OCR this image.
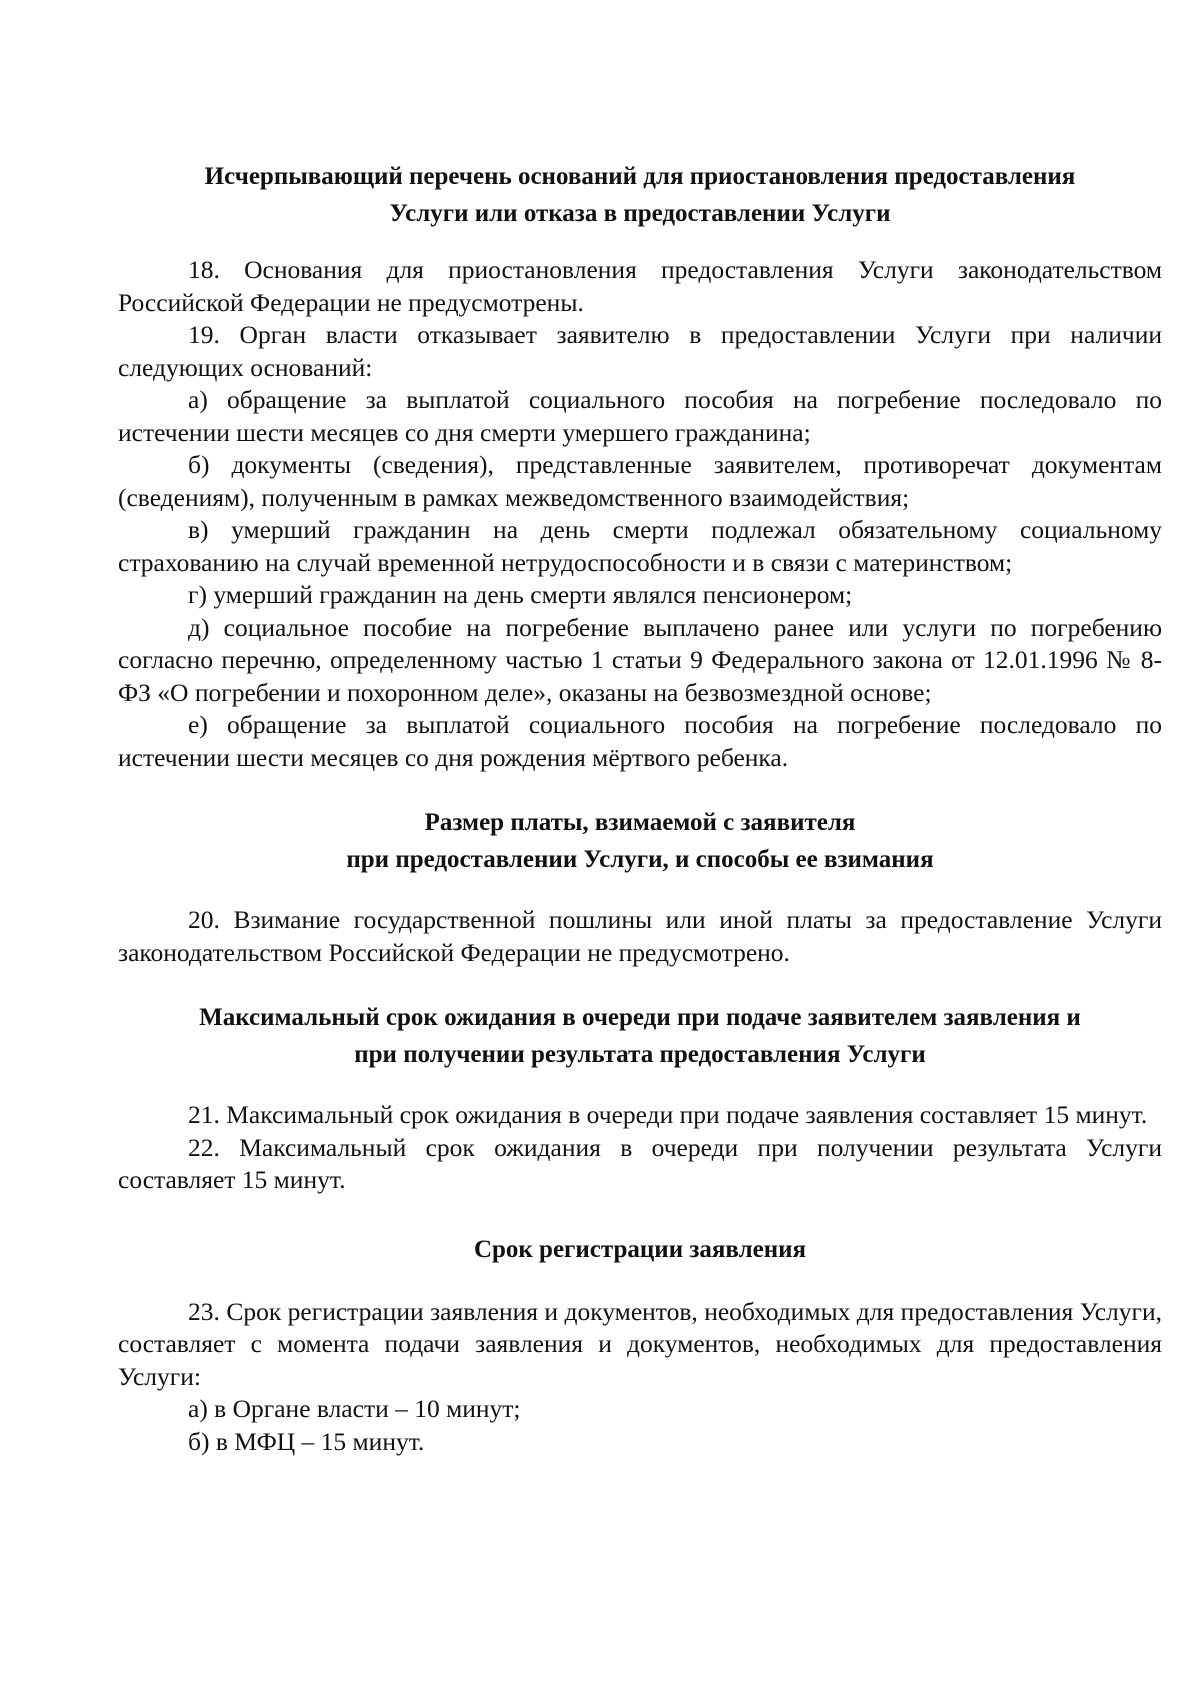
Исчерпывающий перечень оснований для приостановления предоставления
Услуги или отказа в предоставлении Услуги

18. Основания для приостановления предоставления Услуги законодательством Российской Федерации не предусмотрены.

19. Орган власти отказывает заявителю в предоставлении Услуги при наличии следующих оснований:

а) обращение за выплатой социального пособия на погребение последовало по истечении шести месяцев со дня смерти умершего гражданина;

б) документы (сведения), представленные заявителем, противоречат документам (сведениям), полученным в рамках межведомственного взаимодействия;

в) умерший гражданин на день смерти подлежал обязательному социальному страхованию на случай временной нетрудоспособности и в связи с материнством;

г) умерший гражданин на день смерти являлся пенсионером;

д) социальное пособие на погребение выплачено ранее или услуги по погребению согласно перечню, определенному частью 1 статьи 9 Федерального закона от 12.01.1996 № 8-ФЗ «О погребении и похоронном деле», оказаны на безвозмездной основе;

е) обращение за выплатой социального пособия на погребение последовало по истечении шести месяцев со дня рождения мёртвого ребенка.

Размер платы, взимаемой с заявителя
при предоставлении Услуги, и способы ее взимания

20. Взимание государственной пошлины или иной платы за предоставление Услуги законодательством Российской Федерации не предусмотрено.

Максимальный срок ожидания в очереди при подаче заявителем заявления и
при получении результата предоставления Услуги

21. Максимальный срок ожидания в очереди при подаче заявления составляет 15 минут.

22. Максимальный срок ожидания в очереди при получении результата Услуги составляет 15 минут.

Срок регистрации заявления

23. Срок регистрации заявления и документов, необходимых для предоставления Услуги, составляет с момента подачи заявления и документов, необходимых для предоставления Услуги:

а) в Органе власти – 10 минут;

б) в МФЦ – 15 минут.
